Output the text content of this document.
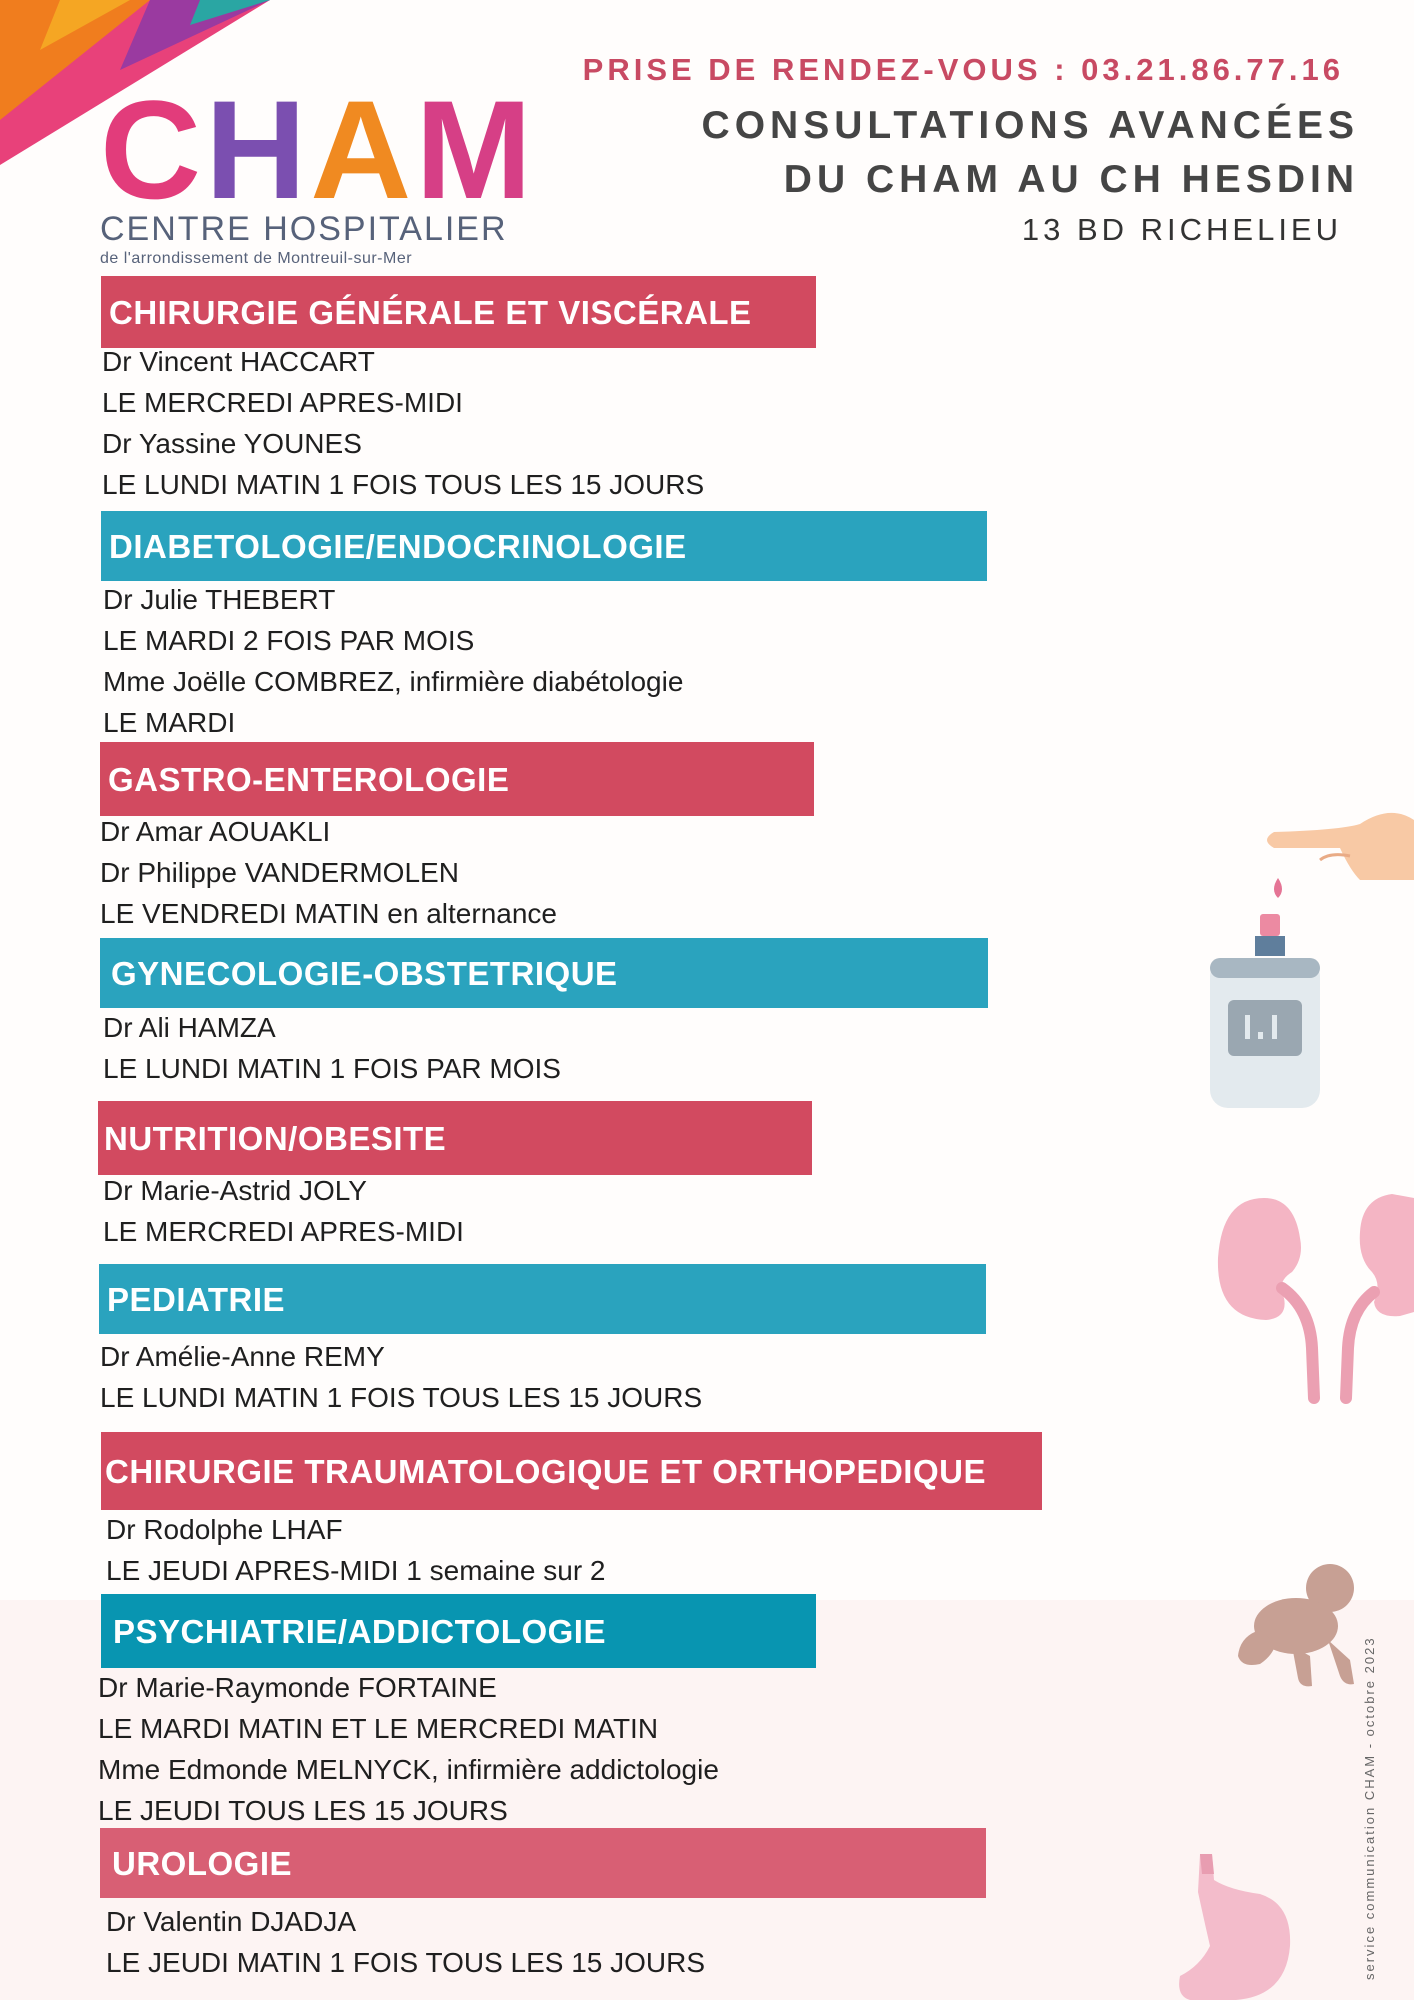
CHAM

CENTRE HOSPITALIER

de l'arrondissement de Montreuil-sur-Mer

PRISE DE RENDEZ-VOUS : 03.21.86.77.16

CONSULTATIONS AVANCÉES

DU CHAM AU CH HESDIN

13 BD RICHELIEU

CHIRURGIE GÉNÉRALE ET VISCÉRALE

Dr Vincent HACCART

LE MERCREDI APRES-MIDI

Dr Yassine YOUNES

LE LUNDI MATIN 1 FOIS TOUS LES 15 JOURS

DIABETOLOGIE/ENDOCRINOLOGIE

Dr Julie THEBERT

LE MARDI 2 FOIS PAR MOIS

Mme Joëlle COMBREZ, infirmière diabétologie

LE MARDI

GASTRO-ENTEROLOGIE

Dr Amar AOUAKLI

Dr Philippe VANDERMOLEN

LE VENDREDI MATIN en alternance

GYNECOLOGIE-OBSTETRIQUE

Dr Ali HAMZA

LE LUNDI MATIN 1 FOIS PAR MOIS

NUTRITION/OBESITE

Dr Marie-Astrid JOLY

LE MERCREDI APRES-MIDI

PEDIATRIE

Dr Amélie-Anne REMY

LE LUNDI MATIN 1 FOIS TOUS LES 15 JOURS

CHIRURGIE TRAUMATOLOGIQUE ET ORTHOPEDIQUE

Dr Rodolphe LHAF

LE JEUDI APRES-MIDI 1 semaine sur 2

PSYCHIATRIE/ADDICTOLOGIE

Dr Marie-Raymonde FORTAINE

LE MARDI MATIN ET LE MERCREDI MATIN

Mme Edmonde MELNYCK, infirmière addictologie

LE JEUDI TOUS LES 15 JOURS

UROLOGIE

Dr Valentin DJADJA

LE JEUDI MATIN 1 FOIS TOUS LES 15 JOURS	service communication CHAM - octobre 2023
